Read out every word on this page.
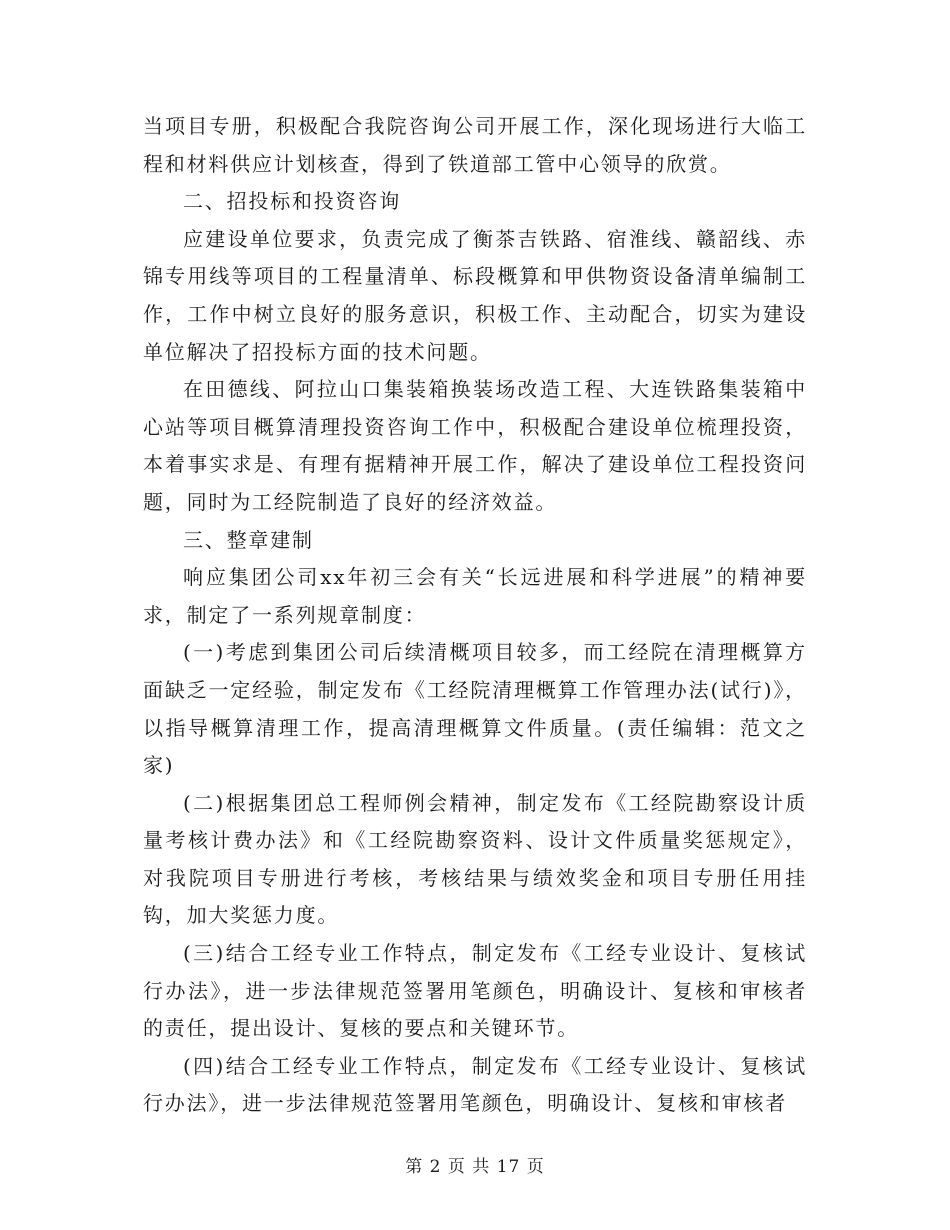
当项目专册，积极配合我院咨询公司开展工作，深化现场进行大临工程和材料供应计划核查，得到了铁道部工管中心领导的欣赏。

二、招投标和投资咨询

应建设单位要求，负责完成了衡茶吉铁路、宿淮线、赣韶线、赤锦专用线等项目的工程量清单、标段概算和甲供物资设备清单编制工作，工作中树立良好的服务意识，积极工作、主动配合，切实为建设单位解决了招投标方面的技术问题。

在田德线、阿拉山口集装箱换装场改造工程、大连铁路集装箱中心站等项目概算清理投资咨询工作中，积极配合建设单位梳理投资，本着事实求是、有理有据精神开展工作，解决了建设单位工程投资问题，同时为工经院制造了良好的经济效益。

三、整章建制

响应集团公司xx年初三会有关“长远进展和科学进展”的精神要求，制定了一系列规章制度：

(一)考虑到集团公司后续清概项目较多，而工经院在清理概算方面缺乏一定经验，制定发布《工经院清理概算工作管理办法(试行)》，以指导概算清理工作，提高清理概算文件质量。(责任编辑：范文之家)

(二)根据集团总工程师例会精神，制定发布《工经院勘察设计质量考核计费办法》和《工经院勘察资料、设计文件质量奖惩规定》，对我院项目专册进行考核，考核结果与绩效奖金和项目专册任用挂钩，加大奖惩力度。

(三)结合工经专业工作特点，制定发布《工经专业设计、复核试行办法》，进一步法律规范签署用笔颜色，明确设计、复核和审核者的责任，提出设计、复核的要点和关键环节。

(四)结合工经专业工作特点，制定发布《工经专业设计、复核试行办法》，进一步法律规范签署用笔颜色，明确设计、复核和审核者

第 2 页 共 17 页
